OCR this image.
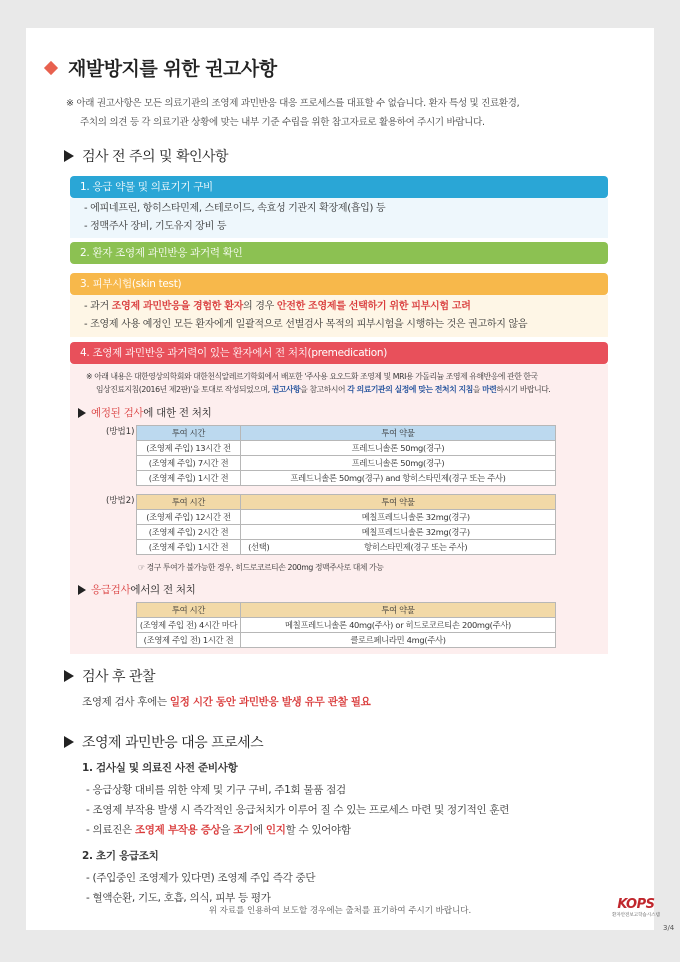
재발방지를 위한 권고사항
※ 아래 권고사항은 모든 의료기관의 조영제 과민반응 대응 프로세스를 대표할 수 없습니다. 환자 특성 및 진료환경,
주치의 의견 등 각 의료기관 상황에 맞는 내부 기준 수립을 위한 참고자료로 활용하여 주시기 바랍니다.
검사 전 주의 및 확인사항
1. 응급 약물 및 의료기기 구비
- 에피네프린, 항히스타민제, 스테로이드, 속효성 기관지 확장제(흡입) 등
- 정맥주사 장비, 기도유지 장비 등
2. 환자 조영제 과민반응 과거력 확인
3. 피부시험(skin test)
- 과거 조영제 과민반응을 경험한 환자의 경우 안전한 조영제를 선택하기 위한 피부시험 고려
- 조영제 사용 예정인 모든 환자에게 일괄적으로 선별검사 목적의 피부시험을 시행하는 것은 권고하지 않음
4. 조영제 과민반응 과거력이 있는 환자에서 전 처치(premedication)
※ 아래 내용은 대한영상의학회와 대한천식알레르기학회에서 배포한 '주사용 요오드화 조영제 및 MRI용 가돌리늄 조영제 유해반응에 관한 한국
임상진료지침(2016년 제2판)'을 토대로 작성되었으며, 권고사항을 참고하시어 각 의료기관의 실정에 맞는 전처치 지침을 마련하시기 바랍니다.
예정된 검사 에 대한 전 처치
(방법1)	투여 시간	투여 약물
(조영제 주입) 13시간 전	프레드니솔론 50mg(경구)
(조영제 주입) 7시간 전	프레드니솔론 50mg(경구)
(조영제 주입) 1시간 전	프레드니솔론 50mg(경구) and 항히스타민제(경구 또는 주사)
(방법2)	투여 시간	투여 약물	
(조영제 주입) 12시간 전		메칠프레드니솔론 32mg(경구)
(조영제 주입) 2시간 전		메칠프레드니솔론 32mg(경구)
(조영제 주입) 1시간 전	(선택)	항히스타민제(경구 또는 주사)
☞ 경구 투여가 불가능한 경우, 히드로코르티손 200mg 정맥주사로 대체 가능
응급검사 에서의 전 처치
투여 시간	투여 약물
(조영제 주입 전) 4시간 마다	메칠프레드니솔론 40mg(주사) or 히드로코르티손 200mg(주사)
(조영제 주입 전) 1시간 전	클로르페니라민 4mg(주사)
검사 후 관찰
조영제 검사 후에는 일정 시간 동안 과민반응 발생 유무 관찰 필요
조영제 과민반응 대응 프로세스
1. 검사실 및 의료진 사전 준비사항
- 응급상황 대비를 위한 약제 및 기구 구비, 주1회 물품 점검
- 조영제 부작용 발생 시 즉각적인 응급처치가 이루어 질 수 있는 프로세스 마련 및 정기적인 훈련
- 의료진은 조영제 부작용 증상을 조기에 인지할 수 있어야함
2. 초기 응급조치
- (주입중인 조영제가 있다면) 조영제 주입 즉각 중단
- 혈액순환, 기도, 호흡, 의식, 피부 등 평가
위 자료를 인용하여 보도할 경우에는 출처를 표기하여 주시기 바랍니다.	KOPS
환자안전보고학습시스템
3/4
